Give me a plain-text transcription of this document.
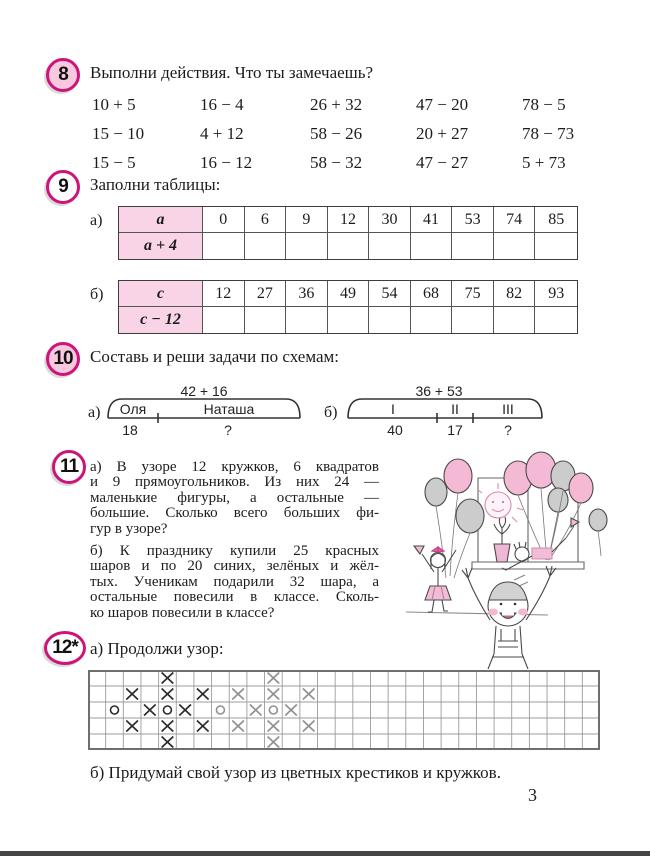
8	Выполни действия. Что ты замечаешь?
10 + 5	16 − 4	26 + 32	47 − 20	78 − 5
15 − 10	4 + 12	58 − 26	20 + 27	78 − 73
15 − 5	16 − 12	58 − 32	47 − 27	5 + 73
9	Заполни таблицы:
а)	a	0	6	9	12	30	41	53	74	85
a + 4
б)	c	12	27	36	49	54	68	75	82	93
c − 12
10	Составь и реши задачи по схемам:
а)
42 + 16
Оля	Наташа
18	?
б)
36 + 53
I	II	III
40	17	?
11 а) В узоре 12 кружков, 6 квадратов
и 9 прямоугольников. Из них 24 —
маленькие фигуры, а остальные —
большие. Сколько всего больших фи-
гур в узоре?
б) К празднику купили 25 красных
шаров и по 20 синих, зелёных и жёл-
тых. Ученикам подарили 32 шара, а
остальные повесили в классе. Сколь-
ко шаров повесили в классе?
12* а) Продолжи узор:
б) Придумай свой узор из цветных крестиков и кружков.
3
